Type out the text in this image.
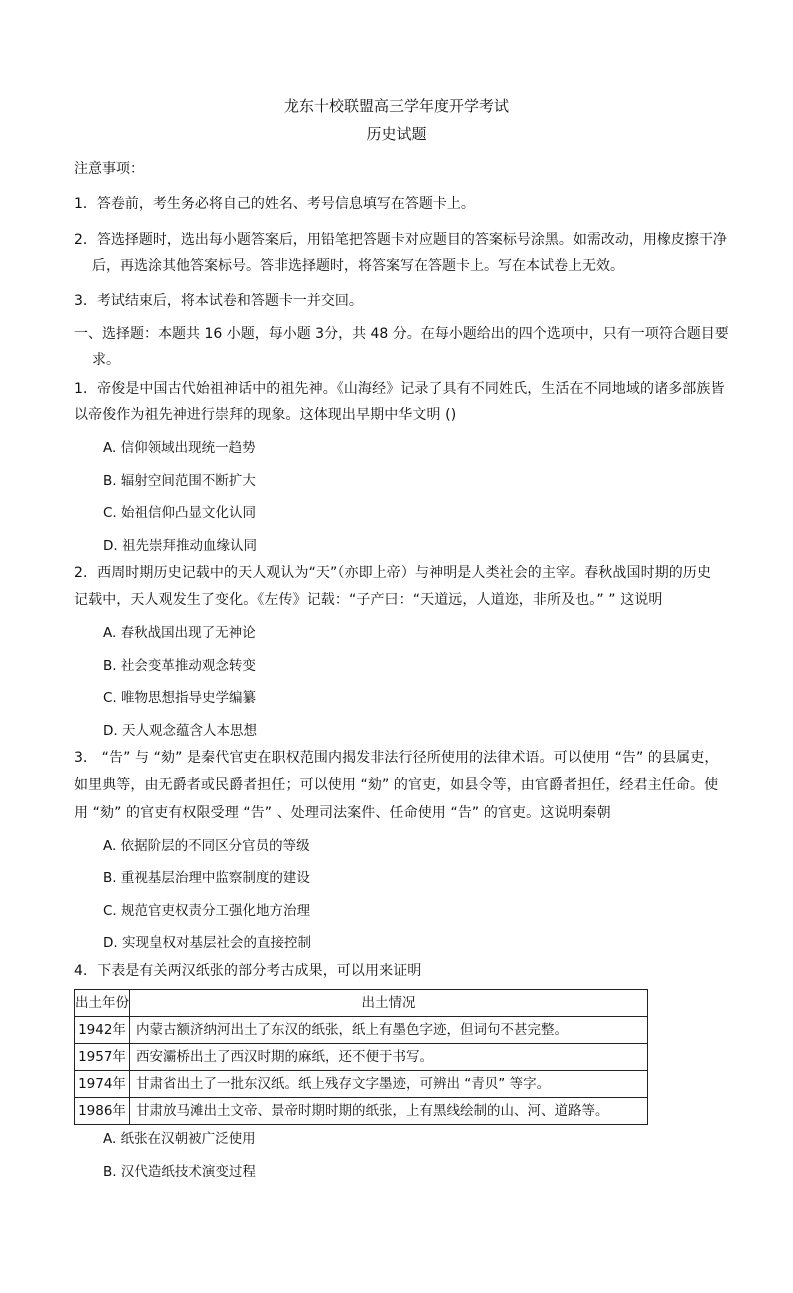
龙东十校联盟高三学年度开学考试
历史试题
注意事项：
1．答卷前，考生务必将自己的姓名、考号信息填写在答题卡上。
2．答选择题时，选出每小题答案后，用铅笔把答题卡对应题目的答案标号涂黑。如需改动，用橡皮擦干净
后，再选涂其他答案标号。答非选择题时，将答案写在答题卡上。写在本试卷上无效。
3．考试结束后，将本试卷和答题卡一并交回。
一、选择题：本题共 16 小题，每小题 3分，共 48 分。在每小题给出的四个选项中，只有一项符合题目要
求。
1．帝俊是中国古代始祖神话中的祖先神。《山海经》记录了具有不同姓氏，生活在不同地域的诸多部族皆
以帝俊作为祖先神进行崇拜的现象。这体现出早期中华文明 ()
A. 信仰领域出现统一趋势
B. 辐射空间范围不断扩大
C. 始祖信仰凸显文化认同
D. 祖先崇拜推动血缘认同
2．西周时期历史记载中的天人观认为“天”（亦即上帝）与神明是人类社会的主宰。春秋战国时期的历史
记载中，天人观发生了变化。《左传》记载：“子产曰：“天道远，人道迩，非所及也。” ” 这说明
A. 春秋战国出现了无神论
B. 社会变革推动观念转变
C. 唯物思想指导史学编纂
D. 天人观念蕴含人本思想
3． “告” 与 “劾” 是秦代官吏在职权范围内揭发非法行径所使用的法律术语。可以使用 “告” 的县属吏，
如里典等，由无爵者或民爵者担任；可以使用 “劾” 的官吏，如县令等，由官爵者担任，经君主任命。使
用 “劾” 的官吏有权限受理 “告” 、处理司法案件、任命使用 “告” 的官吏。这说明秦朝
A. 依据阶层的不同区分官员的等级
B. 重视基层治理中监察制度的建设
C. 规范官吏权责分工强化地方治理
D. 实现皇权对基层社会的直接控制
4．下表是有关两汉纸张的部分考古成果，可以用来证明
出土年份	出土情况
1942年	内蒙古额济纳河出土了东汉的纸张，纸上有墨色字迹，但词句不甚完整。
1957年	西安灞桥出土了西汉时期的麻纸，还不便于书写。
1974年	甘肃省出土了一批东汉纸。纸上残存文字墨迹，可辨出 “青贝” 等字。
1986年	甘肃放马滩出土文帝、景帝时期时期的纸张，上有黑线绘制的山、河、道路等。
A. 纸张在汉朝被广泛使用
B. 汉代造纸技术演变过程
